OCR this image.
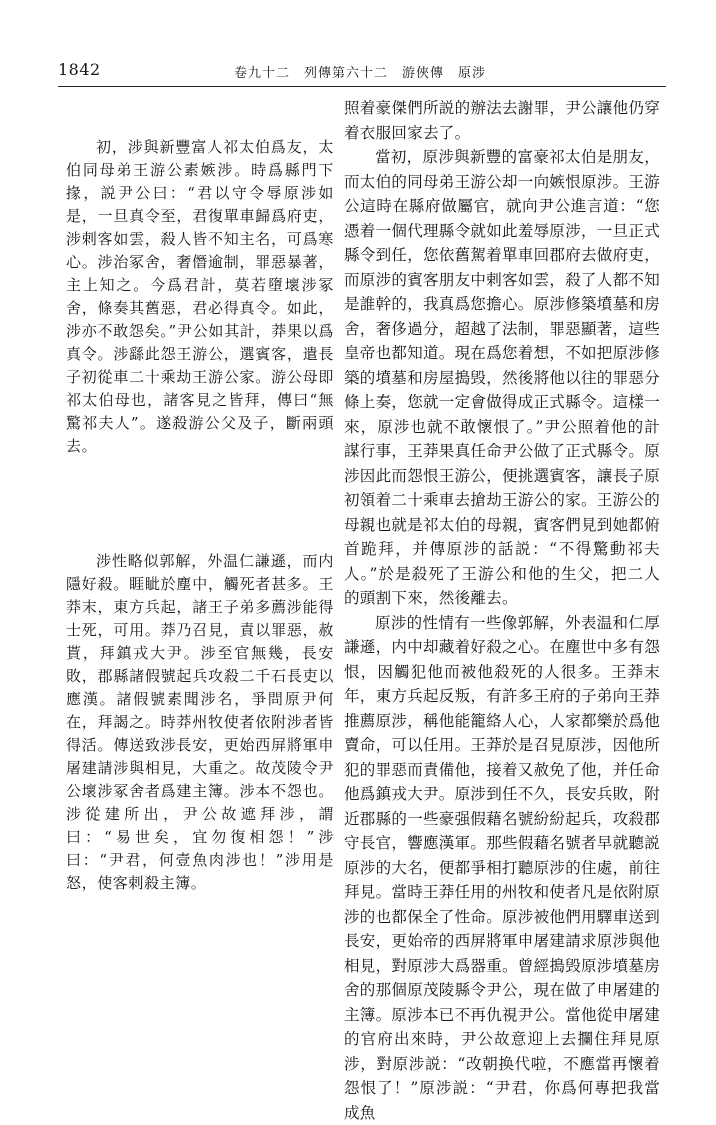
1842	卷九十二　列傳第六十二　游俠傳　原涉

初，涉與新豐富人祁太伯爲友，太伯同母弟王游公素嫉涉。時爲縣門下掾，説尹公曰：“君以守令辱原涉如是，一旦真令至，君復單車歸爲府吏，涉剌客如雲，殺人皆不知主名，可爲寒心。涉治冢舍，奢僭逾制，罪惡暴著，主上知之。今爲君計，莫若墮壞涉冢舍，條奏其舊惡，君必得真令。如此，涉亦不敢怨矣。”尹公如其計，莽果以爲真令。涉繇此怨王游公，選賓客，遣長子初從車二十乘劫王游公家。游公母即祁太伯母也，諸客見之皆拜，傳曰“無驚祁夫人”。遂殺游公父及子，斷兩頭去。

涉性略似郭解，外温仁謙遜，而内隱好殺。睚眦於塵中，觸死者甚多。王莽末，東方兵起，諸王子弟多薦涉能得士死，可用。莽乃召見，責以罪惡，赦貰，拜鎮戎大尹。涉至官無幾，長安敗，郡縣諸假號起兵攻殺二千石長吏以應漢。諸假號素聞涉名，爭問原尹何在，拜謁之。時莽州牧使者依附涉者皆得活。傳送致涉長安，更始西屏將軍申屠建請涉與相見，大重之。故茂陵令尹公壞涉冢舍者爲建主簿。涉本不怨也。涉從建所出，尹公故遮拜涉，謂曰：“易世矣，宜勿復相怨！”涉曰：“尹君，何壹魚肉涉也！”涉用是怒，使客剌殺主簿。

照着豪傑們所説的辦法去謝罪，尹公讓他仍穿着衣服回家去了。

當初，原涉與新豐的富豪祁太伯是朋友，而太伯的同母弟王游公却一向嫉恨原涉。王游公這時在縣府做屬官，就向尹公進言道：“您憑着一個代理縣令就如此羞辱原涉，一旦正式縣令到任，您依舊駕着單車回郡府去做府吏，而原涉的賓客朋友中剌客如雲，殺了人都不知是誰幹的，我真爲您擔心。原涉修築墳墓和房舍，奢侈過分，超越了法制，罪惡顯著，這些皇帝也都知道。現在爲您着想，不如把原涉修築的墳墓和房屋搗毁，然後將他以往的罪惡分條上奏，您就一定會做得成正式縣令。這樣一來，原涉也就不敢懷恨了。”尹公照着他的計謀行事，王莽果真任命尹公做了正式縣令。原涉因此而怨恨王游公，便挑選賓客，讓長子原初領着二十乘車去搶劫王游公的家。王游公的母親也就是祁太伯的母親，賓客們見到她都俯首跪拜，并傳原涉的話説：“不得驚動祁夫人。”於是殺死了王游公和他的生父，把二人的頭割下來，然後離去。

原涉的性情有一些像郭解，外表温和仁厚謙遜，内中却藏着好殺之心。在塵世中多有怨恨，因觸犯他而被他殺死的人很多。王莽末年，東方兵起反叛，有許多王府的子弟向王莽推薦原涉，稱他能籠絡人心，人家都樂於爲他賣命，可以任用。王莽於是召見原涉，因他所犯的罪惡而責備他，接着又赦免了他，并任命他爲鎮戎大尹。原涉到任不久，長安兵敗，附近郡縣的一些豪强假藉名號紛紛起兵，攻殺郡守長官，響應漢軍。那些假藉名號者早就聽説原涉的大名，便都爭相打聽原涉的住處，前往拜見。當時王莽任用的州牧和使者凡是依附原涉的也都保全了性命。原涉被他們用驛車送到長安，更始帝的西屏將軍申屠建請求原涉與他相見，對原涉大爲器重。曾經搗毁原涉墳墓房舍的那個原茂陵縣令尹公，現在做了申屠建的主簿。原涉本已不再仇視尹公。當他從申屠建的官府出來時，尹公故意迎上去攔住拜見原涉，對原涉説：“改朝换代啦，不應當再懷着怨恨了！”原涉説：“尹君，你爲何專把我當成魚
